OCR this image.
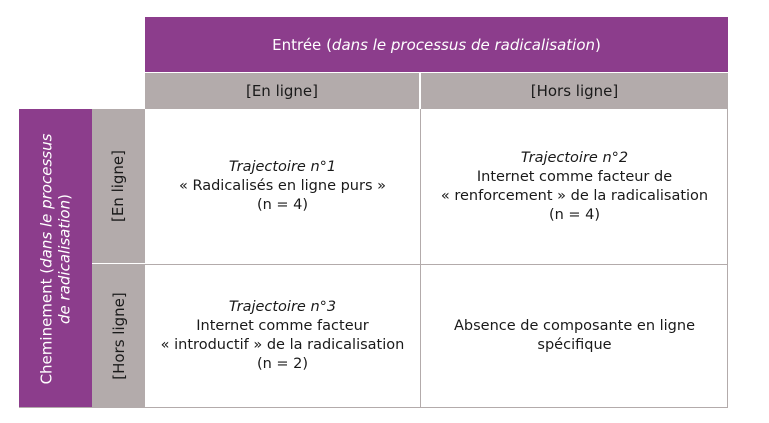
Entrée (dans le processus de radicalisation)
[En ligne]	[Hors ligne]
Cheminement (dans le processus de radicalisation) [En ligne]
[Hors ligne]
Trajectoire n°1
« Radicalisés en ligne purs »
(n = 4)
Trajectoire n°2
Internet comme facteur de
« renforcement » de la radicalisation
(n = 4)
Trajectoire n°3
Internet comme facteur
« introductif » de la radicalisation
(n = 2)
Absence de composante en ligne
spécifique
